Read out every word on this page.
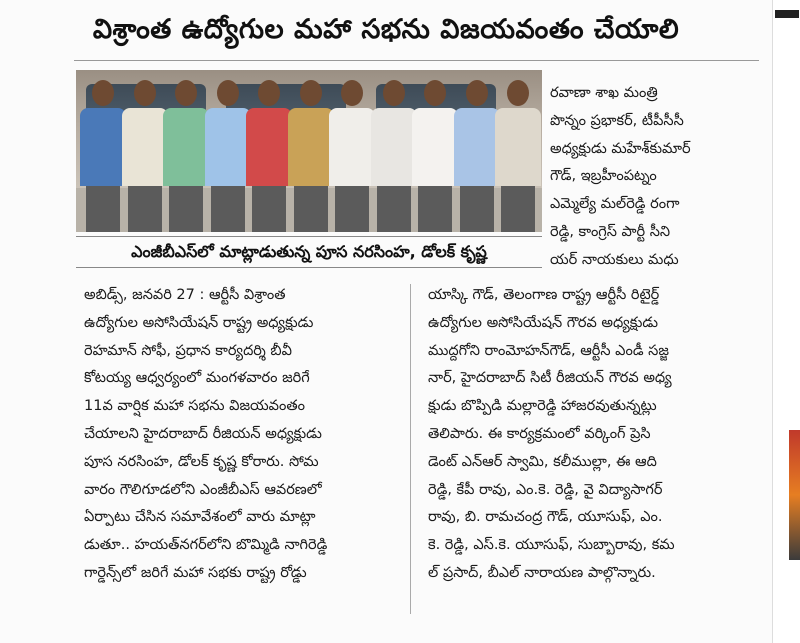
విశ్రాంత ఉద్యోగుల మహా సభను విజయవంతం చేయాలి
ఎంజీబీఎస్‌లో మాట్లాడుతున్న పూస నరసింహ, డోలక్ కృష్ణ
రవాణా శాఖ మంత్రి
పొన్నం ప్రభాకర్, టీపీసీసీ
అధ్యక్షుడు మహేశ్‌కుమార్
గౌడ్, ఇబ్రహీంపట్నం
ఎమ్మెల్యే మల్‌రెడ్డి రంగా
రెడ్డి, కాంగ్రెస్ పార్టీ సీని
యర్ నాయకులు మధు
అబిడ్స్, జనవరి 27 : ఆర్టీసీ విశ్రాంత
ఉద్యోగుల అసోసియేషన్ రాష్ట్ర అధ్యక్షుడు
రెహమాన్ సోఫీ, ప్రధాన కార్యదర్శి బీవీ
కోటయ్య ఆధ్వర్యంలో మంగళవారం జరిగే
11వ వార్షిక మహా సభను విజయవంతం
చేయాలని హైదరాబాద్ రీజియన్ అధ్యక్షుడు
పూస నరసింహ, డోలక్ కృష్ణ కోరారు. సోమ
వారం గౌలిగూడలోని ఎంజీబీఎస్ ఆవరణలో
ఏర్పాటు చేసిన సమావేశంలో వారు మాట్లా
డుతూ.. హయత్‌నగర్‌లోని బొమ్మిడి నాగిరెడ్డి
గార్డెన్స్‌లో జరిగే మహా సభకు రాష్ట్ర రోడ్డు
యాస్కి గౌడ్, తెలంగాణ రాష్ట్ర ఆర్టీసీ రిటైర్డ్
ఉద్యోగుల అసోసియేషన్ గౌరవ అధ్యక్షుడు
ముద్దగోని రాంమోహన్‌గౌడ్, ఆర్టీసీ ఎండీ సజ్జ
నార్, హైదరాబాద్ సిటీ రీజియన్ గౌరవ అధ్య
క్షుడు బొప్పిడి మల్లారెడ్డి హాజరవుతున్నట్లు
తెలిపారు. ఈ కార్యక్రమంలో వర్కింగ్ ప్రెసి
డెంట్ ఎన్ఆర్ స్వామి, కలీముల్లా, ఈ ఆది
రెడ్డి, కేపీ రావు, ఎం.కె. రెడ్డి, వై విద్యాసాగర్
రావు, బి. రామచంద్ర గౌడ్, యూసుఫ్, ఎం.
కె. రెడ్డి, ఎస్.కె. యూసుఫ్, సుబ్బారావు, కమ
ల్ ప్రసాద్, బీఎల్ నారాయణ పాల్గొన్నారు.
